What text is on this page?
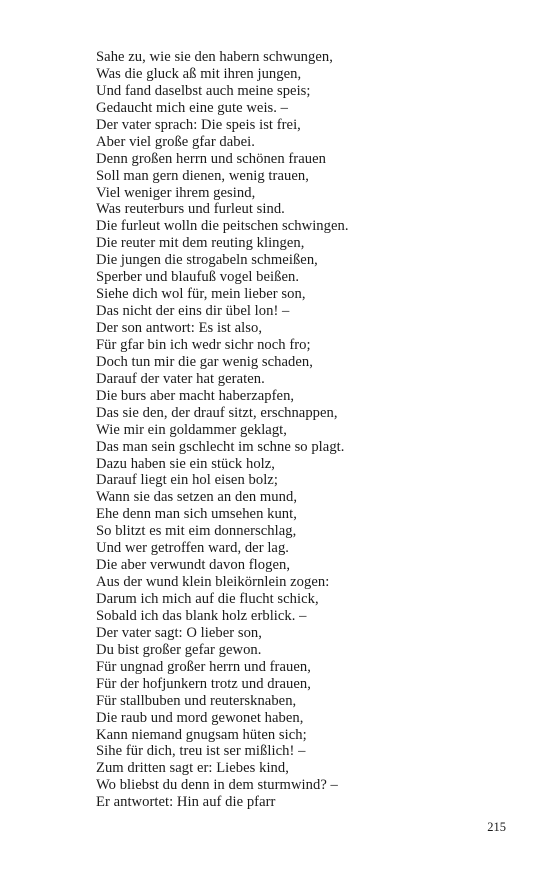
Sahe zu, wie sie den habern schwungen,
Was die gluck aß mit ihren jungen,
Und fand daselbst auch meine speis;
Gedaucht mich eine gute weis. –
Der vater sprach: Die speis ist frei,
Aber viel große gfar dabei.
Denn großen herrn und schönen frauen
Soll man gern dienen, wenig trauen,
Viel weniger ihrem gesind,
Was reuterburs und furleut sind.
Die furleut wolln die peitschen schwingen.
Die reuter mit dem reuting klingen,
Die jungen die strogabeln schmeißen,
Sperber und blaufuß vogel beißen.
Siehe dich wol für, mein lieber son,
Das nicht der eins dir übel lon! –
Der son antwort: Es ist also,
Für gfar bin ich wedr sichr noch fro;
Doch tun mir die gar wenig schaden,
Darauf der vater hat geraten.
Die burs aber macht haberzapfen,
Das sie den, der drauf sitzt, erschnappen,
Wie mir ein goldammer geklagt,
Das man sein gschlecht im schne so plagt.
Dazu haben sie ein stück holz,
Darauf liegt ein hol eisen bolz;
Wann sie das setzen an den mund,
Ehe denn man sich umsehen kunt,
So blitzt es mit eim donnerschlag,
Und wer getroffen ward, der lag.
Die aber verwundt davon flogen,
Aus der wund klein bleikörnlein zogen:
Darum ich mich auf die flucht schick,
Sobald ich das blank holz erblick. –
Der vater sagt: O lieber son,
Du bist großer gefar gewon.
Für ungnad großer herrn und frauen,
Für der hofjunkern trotz und drauen,
Für stallbuben und reutersknaben,
Die raub und mord gewonet haben,
Kann niemand gnugsam hüten sich;
Sihe für dich, treu ist ser mißlich! –
Zum dritten sagt er: Liebes kind,
Wo bliebst du denn in dem sturmwind? –
Er antwortet: Hin auf die pfarr
215
